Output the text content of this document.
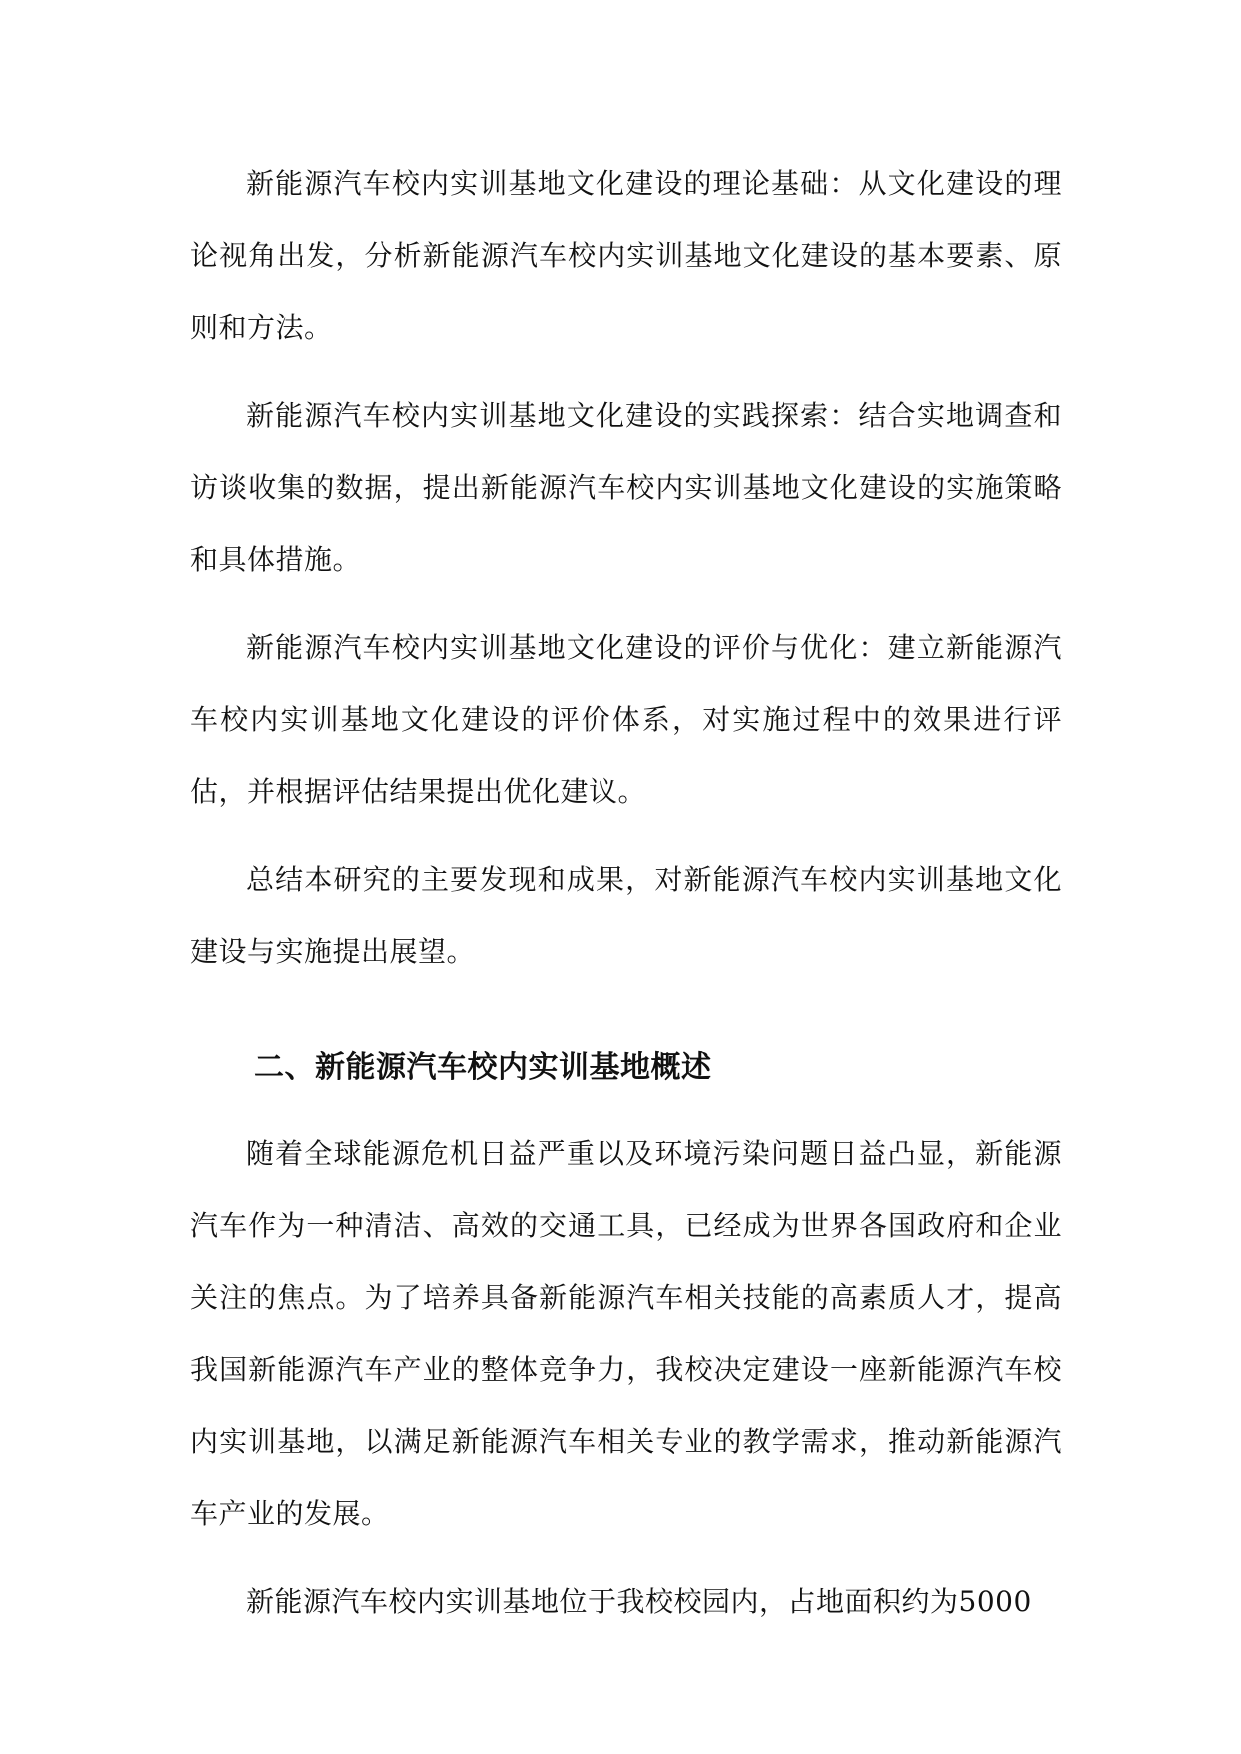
新能源汽车校内实训基地文化建设的理论基础：从文化建设的理论视角出发，分析新能源汽车校内实训基地文化建设的基本要素、原则和方法。

新能源汽车校内实训基地文化建设的实践探索：结合实地调查和访谈收集的数据，提出新能源汽车校内实训基地文化建设的实施策略和具体措施。

新能源汽车校内实训基地文化建设的评价与优化：建立新能源汽车校内实训基地文化建设的评价体系，对实施过程中的效果进行评估，并根据评估结果提出优化建议。

总结本研究的主要发现和成果，对新能源汽车校内实训基地文化建设与实施提出展望。

二、新能源汽车校内实训基地概述

随着全球能源危机日益严重以及环境污染问题日益凸显，新能源汽车作为一种清洁、高效的交通工具，已经成为世界各国政府和企业关注的焦点。为了培养具备新能源汽车相关技能的高素质人才，提高我国新能源汽车产业的整体竞争力，我校决定建设一座新能源汽车校内实训基地，以满足新能源汽车相关专业的教学需求，推动新能源汽车产业的发展。

新能源汽车校内实训基地位于我校校园内，占地面积约为5000
